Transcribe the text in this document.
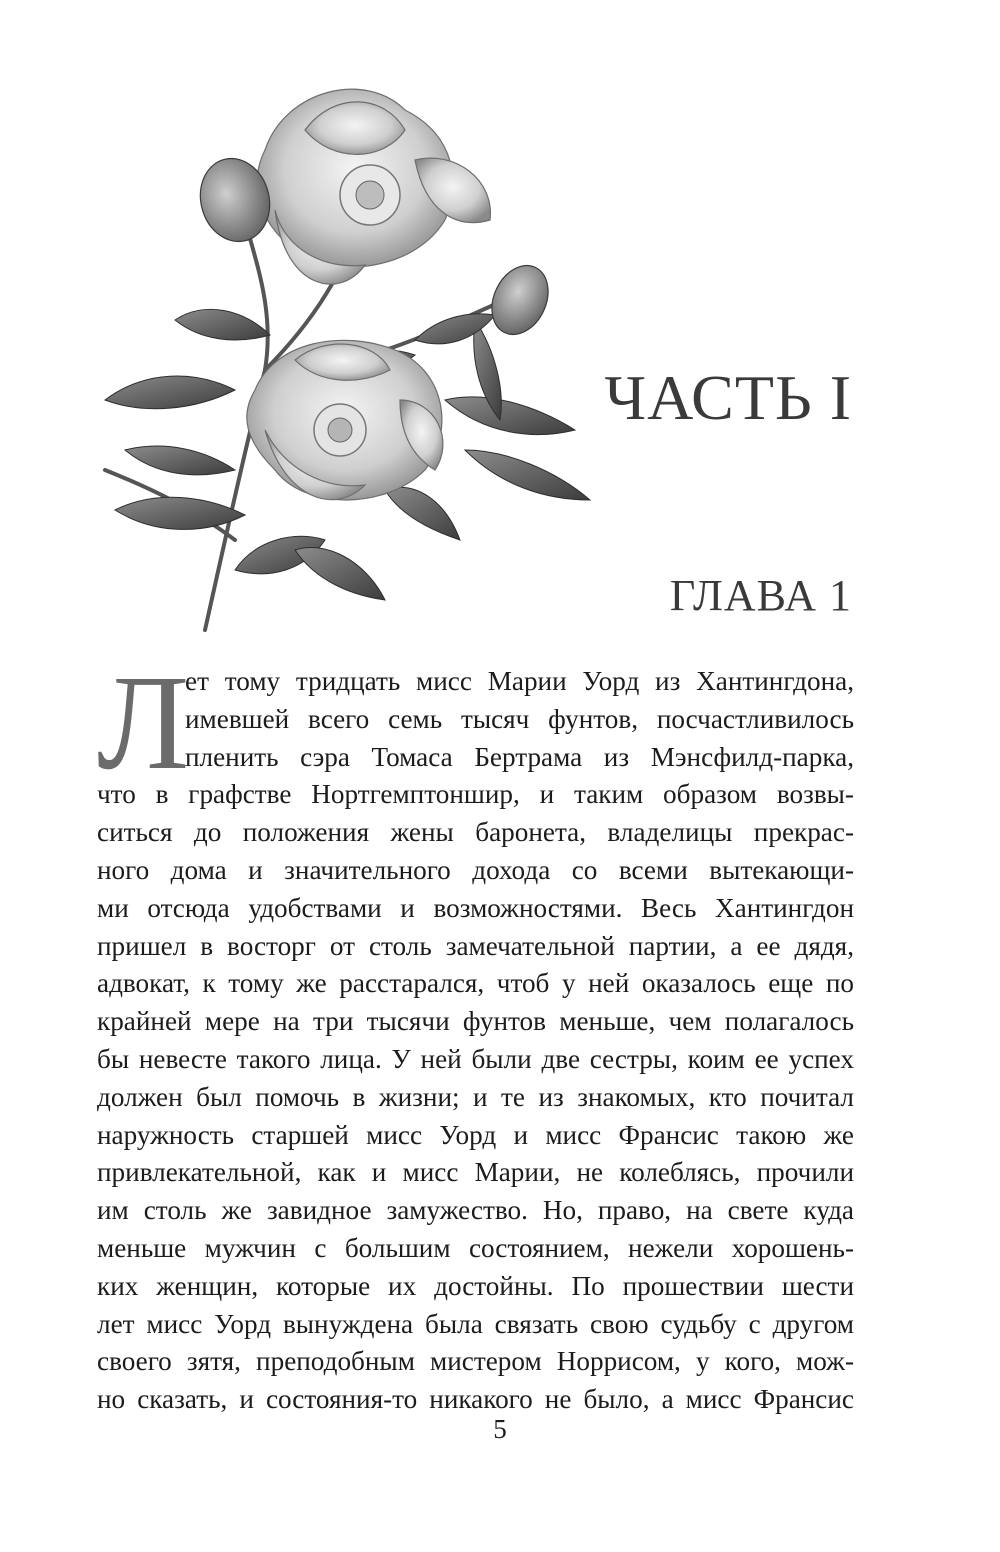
ЧАСТЬ I
ГЛАВА 1
Л
ет тому тридцать мисс Марии Уорд из Хантингдона,
имевшей всего семь тысяч фунтов, посчастливилось
пленить сэра Томаса Бертрама из Мэнсфилд-парка,
что в графстве Нортгемптоншир, и таким образом возвы-
ситься до положения жены баронета, владелицы прекрас-
ного дома и значительного дохода со всеми вытекающи-
ми отсюда удобствами и возможностями. Весь Хантингдон
пришел в восторг от столь замечательной партии, а ее дядя,
адвокат, к тому же расстарался, чтоб у ней оказалось еще по
крайней мере на три тысячи фунтов меньше, чем полагалось
бы невесте такого лица. У ней были две сестры, коим ее успех
должен был помочь в жизни; и те из знакомых, кто почитал
наружность старшей мисс Уорд и мисс Франсис такою же
привлекательной, как и мисс Марии, не колеблясь, прочили
им столь же завидное замужество. Но, право, на свете куда
меньше мужчин с большим состоянием, нежели хорошень-
ких женщин, которые их достойны. По прошествии шести
лет мисс Уорд вынуждена была связать свою судьбу с другом
своего зятя, преподобным мистером Норрисом, у кого, мож-
но сказать, и состояния-то никакого не было, а мисс Франсис
5
